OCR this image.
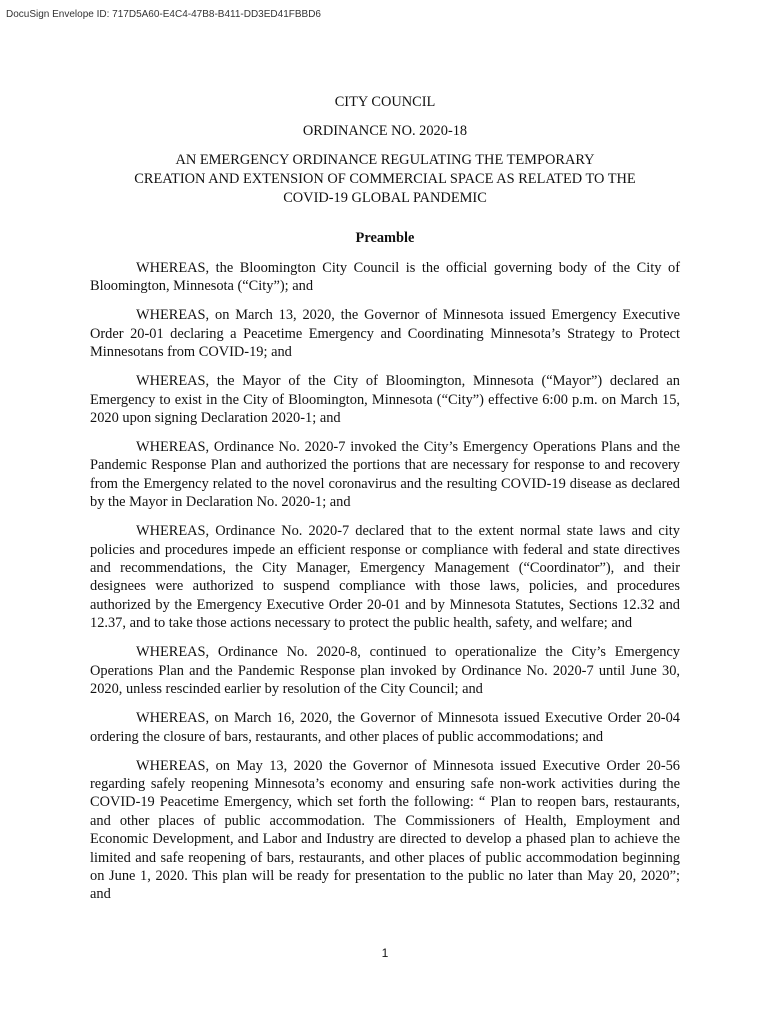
DocuSign Envelope ID: 717D5A60-E4C4-47B8-B411-DD3ED41FBBD6
CITY COUNCIL
ORDINANCE NO. 2020-18
AN EMERGENCY ORDINANCE REGULATING THE TEMPORARY
CREATION AND EXTENSION OF COMMERCIAL SPACE AS RELATED TO THE
COVID-19 GLOBAL PANDEMIC
Preamble

WHEREAS, the Bloomington City Council is the official governing body of the City of Bloomington, Minnesota (“City”); and

WHEREAS, on March 13, 2020, the Governor of Minnesota issued Emergency Executive Order 20-01 declaring a Peacetime Emergency and Coordinating Minnesota’s Strategy to Protect Minnesotans from COVID-19; and

WHEREAS, the Mayor of the City of Bloomington, Minnesota (“Mayor”) declared an Emergency to exist in the City of Bloomington, Minnesota (“City”) effective 6:00 p.m. on March 15, 2020 upon signing Declaration 2020-1; and

WHEREAS, Ordinance No. 2020-7 invoked the City’s Emergency Operations Plans and the Pandemic Response Plan and authorized the portions that are necessary for response to and recovery from the Emergency related to the novel coronavirus and the resulting COVID-19 disease as declared by the Mayor in Declaration No. 2020-1; and

WHEREAS, Ordinance No. 2020-7 declared that to the extent normal state laws and city policies and procedures impede an efficient response or compliance with federal and state directives and recommendations, the City Manager, Emergency Management (“Coordinator”), and their designees were authorized to suspend compliance with those laws, policies, and procedures authorized by the Emergency Executive Order 20-01 and by Minnesota Statutes, Sections 12.32 and 12.37, and to take those actions necessary to protect the public health, safety, and welfare; and

WHEREAS, Ordinance No. 2020-8, continued to operationalize the City’s Emergency Operations Plan and the Pandemic Response plan invoked by Ordinance No. 2020-7 until June 30, 2020, unless rescinded earlier by resolution of the City Council; and

WHEREAS, on March 16, 2020, the Governor of Minnesota issued Executive Order 20-04 ordering the closure of bars, restaurants, and other places of public accommodations; and

WHEREAS, on May 13, 2020 the Governor of Minnesota issued Executive Order 20-56 regarding safely reopening Minnesota’s economy and ensuring safe non-work activities during the COVID-19 Peacetime Emergency, which set forth the following: “ Plan to reopen bars, restaurants, and other places of public accommodation. The Commissioners of Health, Employment and Economic Development, and Labor and Industry are directed to develop a phased plan to achieve the limited and safe reopening of bars, restaurants, and other places of public accommodation beginning on June 1, 2020. This plan will be ready for presentation to the public no later than May 20, 2020”; and

1
